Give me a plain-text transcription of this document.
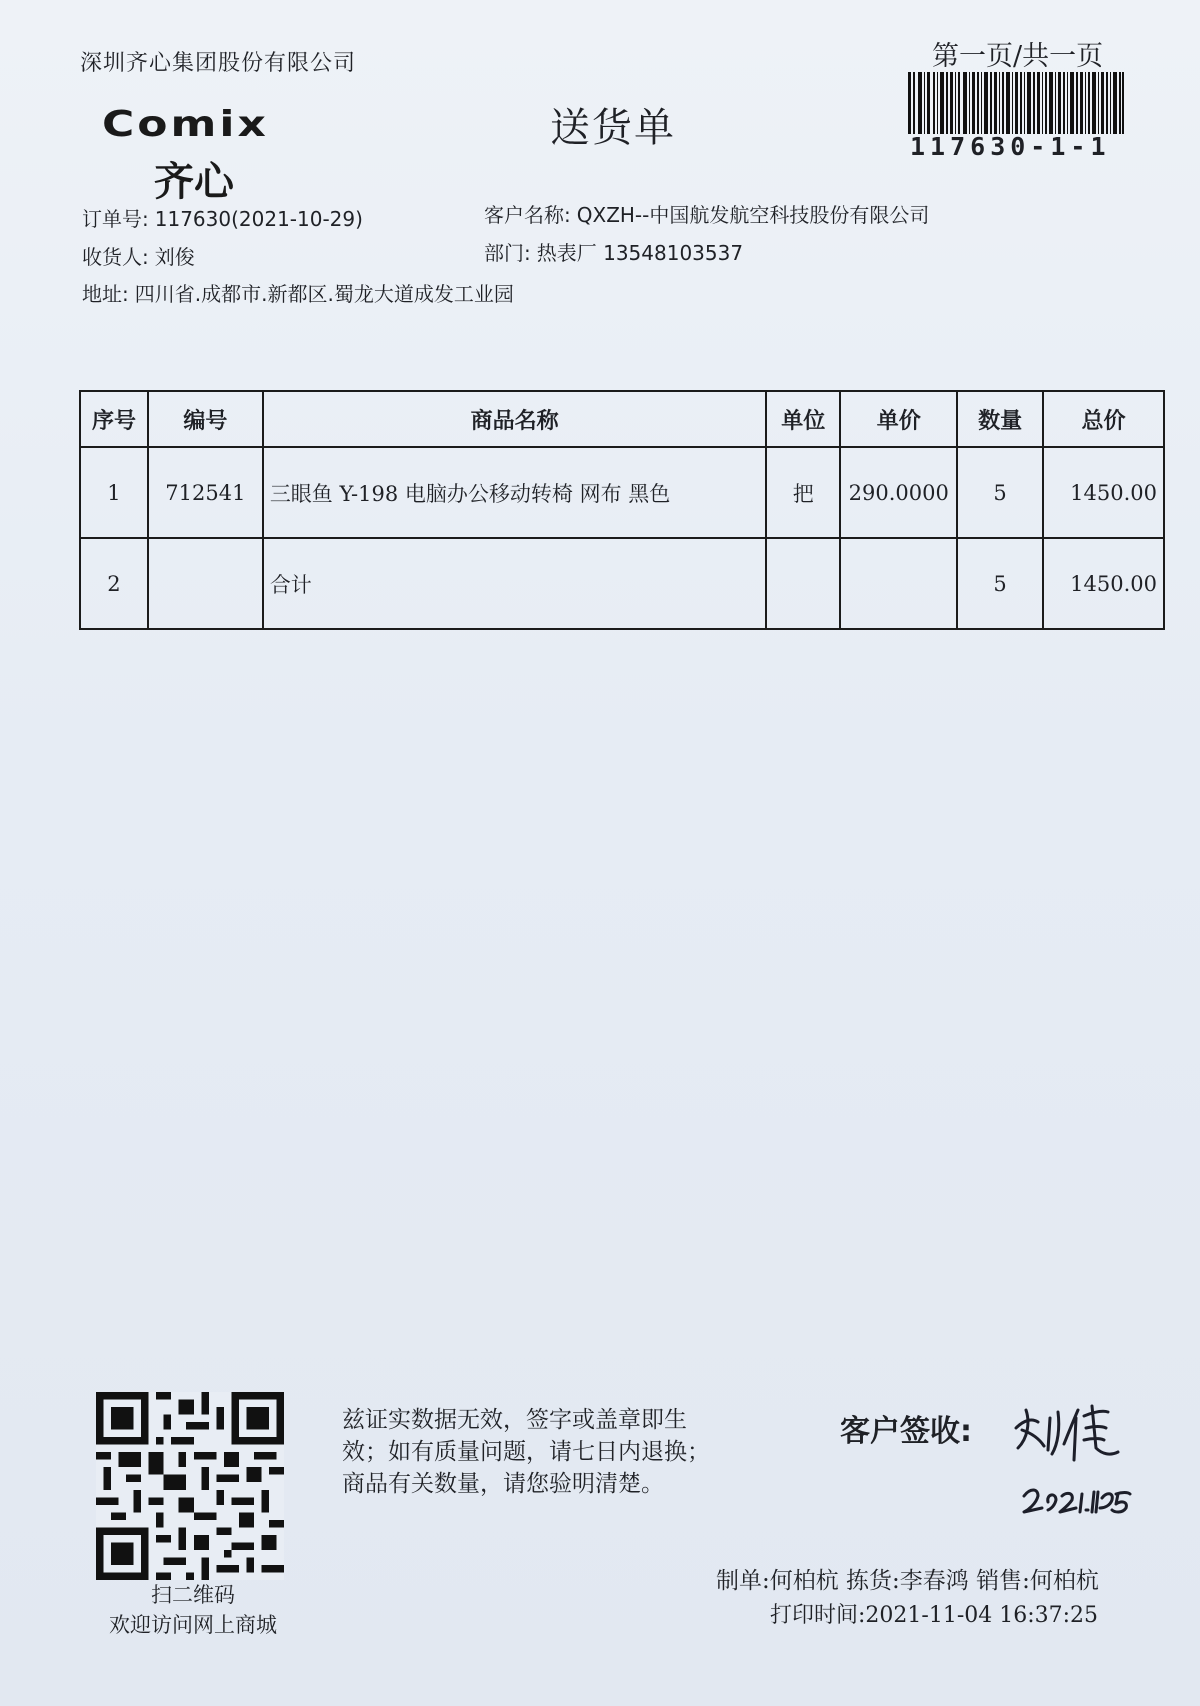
深圳齐心集团股份有限公司
Comix
齐心
送货单
第一页/共一页
117630-1-1
订单号: 117630(2021-10-29)	客户名称: QXZH--中国航发航空科技股份有限公司
收货人: 刘俊	部门: 热表厂 13548103537
地址: 四川省.成都市.新都区.蜀龙大道成发工业园
序号	编号	商品名称	单位	单价	数量	总价
1	712541	三眼鱼 Y-198 电脑办公移动转椅 网布 黑色	把	290.0000	5	1450.00
2		合计			5	1450.00
扫二维码
欢迎访问网上商城
兹证实数据无效，签字或盖章即生
效；如有质量问题，请七日内退换；
商品有关数量，请您验明清楚。
客户签收:
制单:何柏杭 拣货:李春鸿 销售:何柏杭
打印时间:2021-11-04 16:37:25
